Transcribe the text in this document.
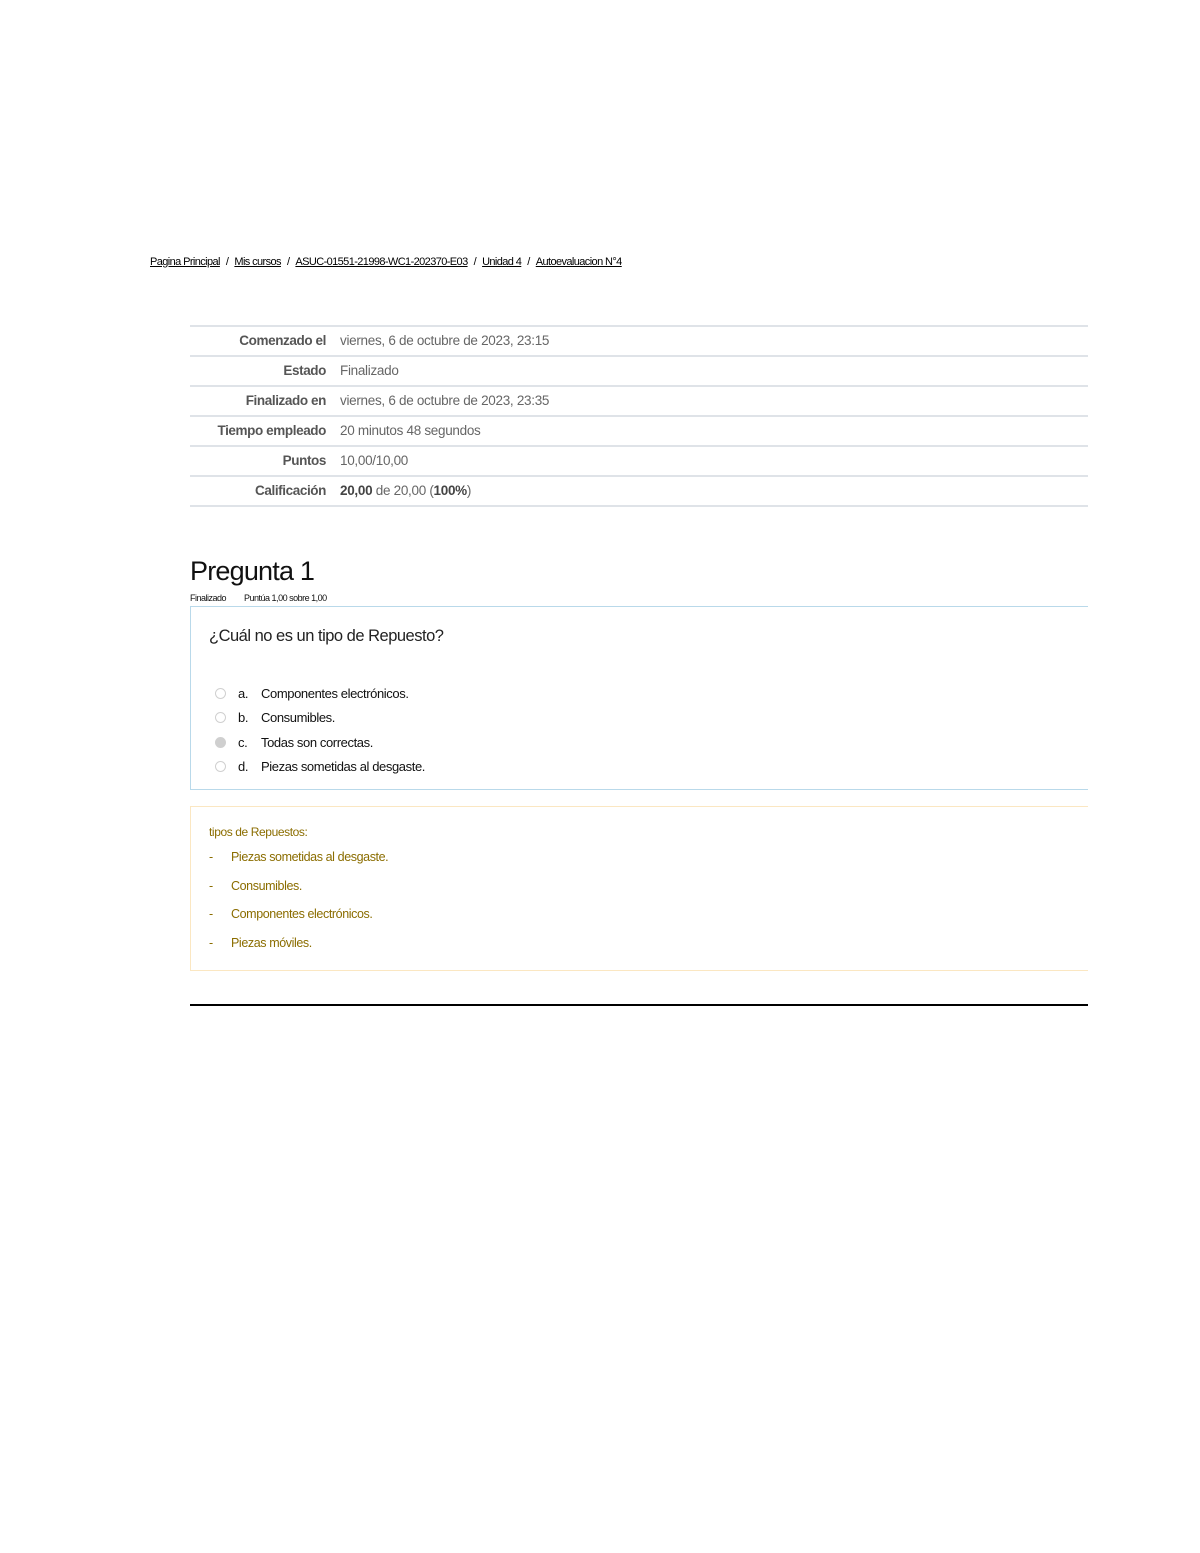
Pagina Principal / Mis cursos / ASUC-01551-21998-WC1-202370-E03 / Unidad 4 / Autoevaluacion N°4
Comenzado el	viernes, 6 de octubre de 2023, 23:15
Estado	Finalizado
Finalizado en	viernes, 6 de octubre de 2023, 23:35
Tiempo empleado	20 minutos 48 segundos
Puntos	10,00/10,00
Calificación	20,00 de 20,00 (100%)
Pregunta 1
Finalizado Puntúa 1,00 sobre 1,00
¿Cuál no es un tipo de Repuesto?
a. Componentes electrónicos.
b. Consumibles.
c.	Todas son correctas.
d. Piezas sometidas al desgaste.
tipos de Repuestos:
-	Piezas sometidas al desgaste.
-	Consumibles.
-	Componentes electrónicos.
-	Piezas móviles.
